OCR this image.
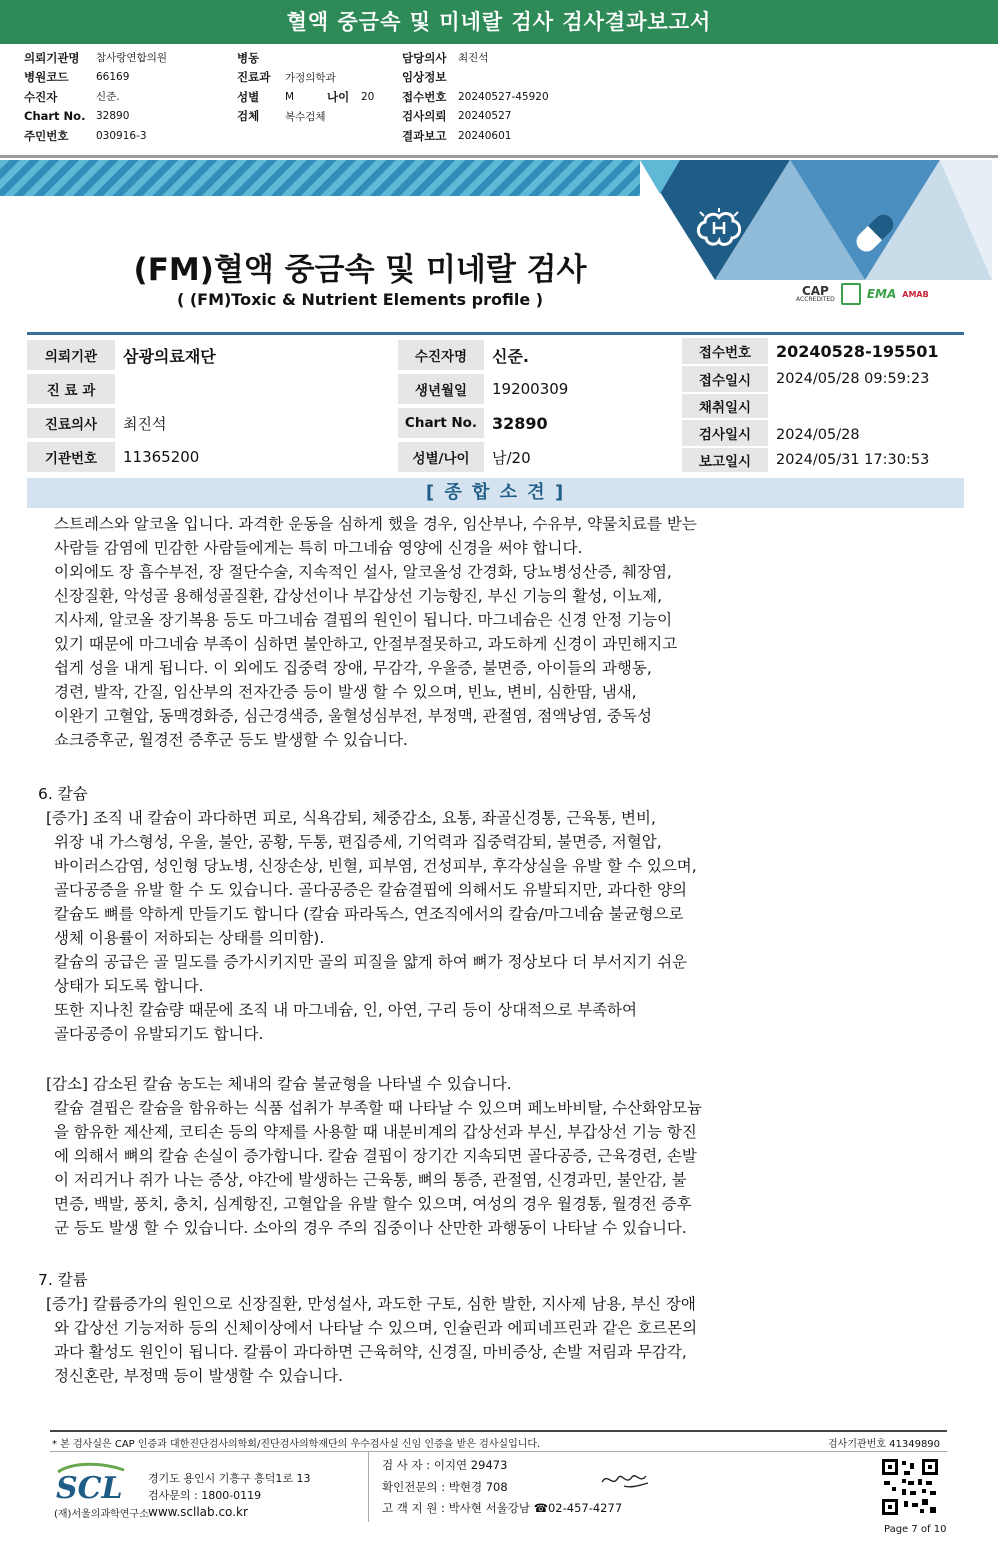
혈액 중금속 및 미네랄 검사 검사결과보고서
의뢰기관명	참사랑연합의원
병원코드	66169
수진자	신준.
Chart No.	32890
주민번호	030916-3
병동
진료과	가정의학과
성별	M	나이	20
검체	복수검체
담당의사	최진석
임상정보
접수번호	20240527-45920
검사의뢰	20240527
결과보고	20240601
(FM)혈액 중금속 및 미네랄 검사
( (FM)Toxic & Nutrient Elements profile )	CAP
ACCREDITED	EMA AMAB
의뢰기관	삼광의료재단
진 료 과
진료의사	최진석
기관번호	11365200
수진자명	신준.
생년월일	19200309
Chart No. 32890
성별/나이	남/20
접수번호	20240528-195501
접수일시	2024/05/28 09:59:23
채취일시
검사일시	2024/05/28
보고일시	2024/05/31 17:30:53
[ 종 합 소 견 ]
스트레스와 알코올 입니다. 과격한 운동을 심하게 했을 경우, 임산부나, 수유부, 약물치료를 받는
사람들 감염에 민감한 사람들에게는 특히 마그네슘 영양에 신경을 써야 합니다.
이외에도 장 흡수부전, 장 절단수술, 지속적인 설사, 알코올성 간경화, 당뇨병성산증, 췌장염,
신장질환, 악성골 용해성골질환, 갑상선이나 부갑상선 기능항진, 부신 기능의 활성, 이뇨제,
지사제, 알코올 장기복용 등도 마그네슘 결핍의 원인이 됩니다. 마그네슘은 신경 안정 기능이
있기 때문에 마그네슘 부족이 심하면 불안하고, 안절부절못하고, 과도하게 신경이 과민해지고
쉽게 성을 내게 됩니다. 이 외에도 집중력 장애, 무감각, 우울증, 불면증, 아이들의 과행동,
경련, 발작, 간질, 임산부의 전자간증 등이 발생 할 수 있으며, 빈뇨, 변비, 심한땀, 냄새,
이완기 고혈압, 동맥경화증, 심근경색증, 울혈성심부전, 부정맥, 관절염, 점액낭염, 중독성
쇼크증후군, 월경전 증후군 등도 발생할 수 있습니다.
6. 칼슘
[증가] 조직 내 칼슘이 과다하면 피로, 식욕감퇴, 체중감소, 요통, 좌골신경통, 근육통, 변비,
위장 내 가스형성, 우울, 불안, 공황, 두통, 편집증세, 기억력과 집중력감퇴, 불면증, 저혈압,
바이러스감염, 성인형 당뇨병, 신장손상, 빈혈, 피부염, 건성피부, 후각상실을 유발 할 수 있으며,
골다공증을 유발 할 수 도 있습니다. 골다공증은 칼슘결핍에 의해서도 유발되지만, 과다한 양의
칼슘도 뼈를 약하게 만들기도 합니다 (칼슘 파라독스, 연조직에서의 칼슘/마그네슘 불균형으로
생체 이용률이 저하되는 상태를 의미함).
칼슘의 공급은 골 밀도를 증가시키지만 골의 피질을 얇게 하여 뼈가 정상보다 더 부서지기 쉬운
상태가 되도록 합니다.
또한 지나친 칼슘량 때문에 조직 내 마그네슘, 인, 아연, 구리 등이 상대적으로 부족하여
골다공증이 유발되기도 합니다.
[감소] 감소된 칼슘 농도는 체내의 칼슘 불균형을 나타낼 수 있습니다.
칼슘 결핍은 칼슘을 함유하는 식품 섭취가 부족할 때 나타날 수 있으며 페노바비탈, 수산화암모늄
을 함유한 제산제, 코티손 등의 약제를 사용할 때 내분비계의 갑상선과 부신, 부갑상선 기능 항진
에 의해서 뼈의 칼슘 손실이 증가합니다. 칼슘 결핍이 장기간 지속되면 골다공증, 근육경련, 손발
이 저리거나 쥐가 나는 증상, 야간에 발생하는 근육통, 뼈의 통증, 관절염, 신경과민, 불안감, 불
면증, 백발, 풍치, 충치, 심계항진, 고혈압을 유발 할수 있으며, 여성의 경우 월경통, 월경전 증후
군 등도 발생 할 수 있습니다. 소아의 경우 주의 집중이나 산만한 과행동이 나타날 수 있습니다.
7. 칼륨
[증가] 칼륨증가의 원인으로 신장질환, 만성설사, 과도한 구토, 심한 발한, 지사제 남용, 부신 장애
와 갑상선 기능저하 등의 신체이상에서 나타날 수 있으며, 인슐린과 에피네프린과 같은 호르몬의
과다 활성도 원인이 됩니다. 칼륨이 과다하면 근육허약, 신경질, 마비증상, 손발 저림과 무감각,
정신혼란, 부정맥 등이 발생할 수 있습니다.
* 본 검사실은 CAP 인증과 대한진단검사의학회/진단검사의학재단의 우수검사실 신임 인증을 받은 검사실입니다.	검사기관번호 41349890
SCL
(재)서울의과학연구소
경기도 용인시 기흥구 흥덕1로 13
검사문의 : 1800-0119
www.scllab.co.kr
검 사 자 : 이지연 29473
확인전문의 : 박현경 708
고 객 지 원 : 박사현 서울강남 ☎02-457-4277
Page 7 of 10
